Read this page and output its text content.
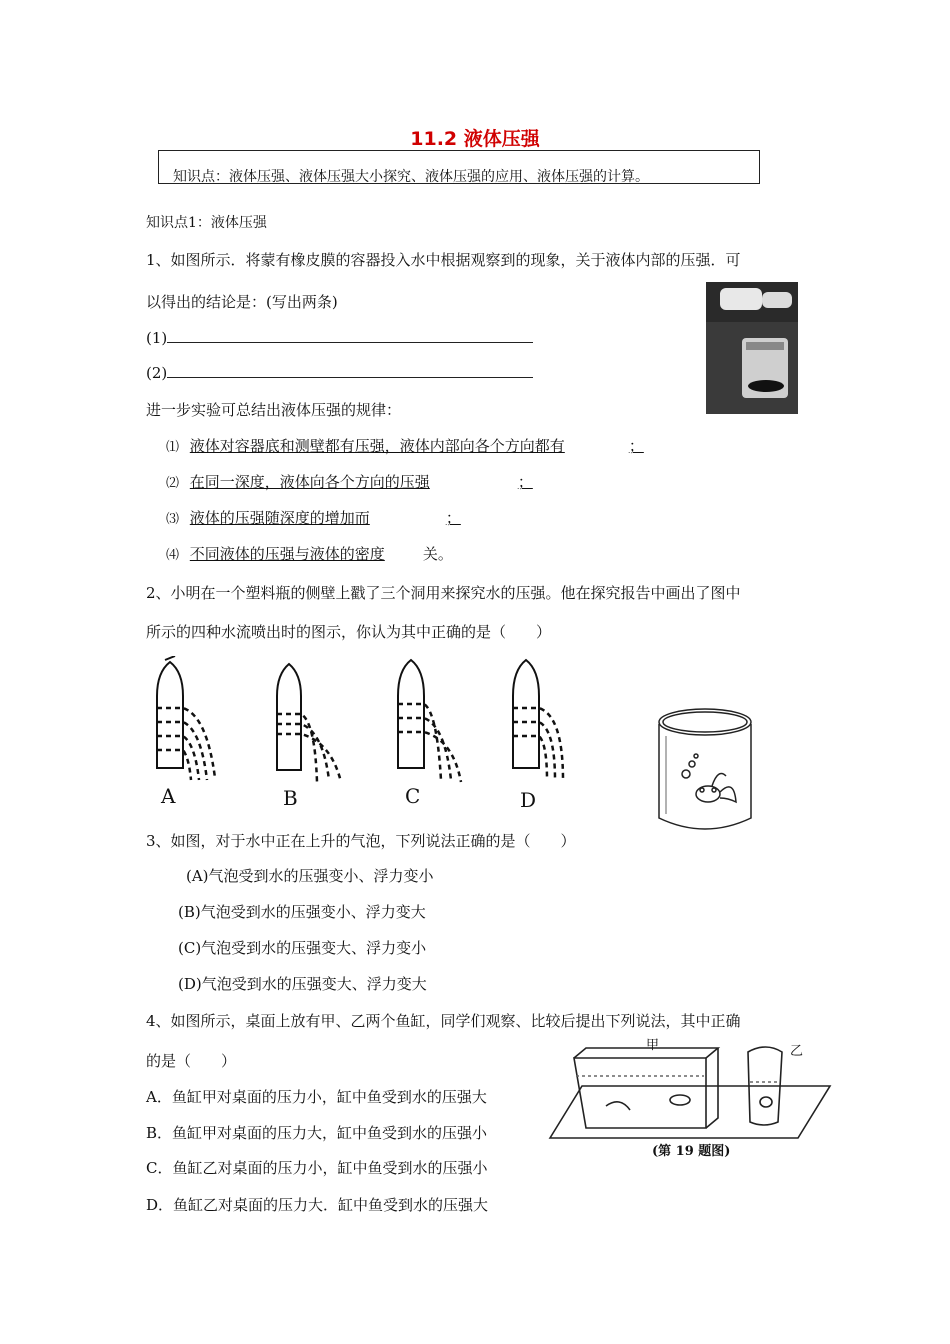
11.2 液体压强
知识点：液体压强、液体压强大小探究、液体压强的应用、液体压强的计算。
知识点1：液体压强
1、如图所示．将蒙有橡皮膜的容器投入水中根据观察到的现象，关于液体内部的压强．可
以得出的结论是：(写出两条)
(1)
(2)
进一步实验可总结出液体压强的规律：
⑴ 液体对容器底和测壁都有压强，液体内部向各个方向都有	；
⑵ 在同一深度，液体向各个方向的压强	；
⑶ 液体的压强随深度的增加而	；
⑷ 不同液体的压强与液体的密度	关。
2、小明在一个塑料瓶的侧壁上戳了三个洞用来探究水的压强。他在探究报告中画出了图中
所示的四种水流喷出时的图示，你认为其中正确的是（　　）
A	B	C	D
3、如图，对于水中正在上升的气泡，下列说法正确的是（　　）
(A)气泡受到水的压强变小、浮力变小
(B)气泡受到水的压强变小、浮力变大
(C)气泡受到水的压强变大、浮力变小
(D)气泡受到水的压强变大、浮力变大
4、如图所示，桌面上放有甲、乙两个鱼缸，同学们观察、比较后提出下列说法，其中正确
的是（　　）
A．鱼缸甲对桌面的压力小，缸中鱼受到水的压强大
B．鱼缸甲对桌面的压力大，缸中鱼受到水的压强小
C．鱼缸乙对桌面的压力小，缸中鱼受到水的压强小
D．鱼缸乙对桌面的压力大．缸中鱼受到水的压强大
甲	乙
(第 19 题图)
